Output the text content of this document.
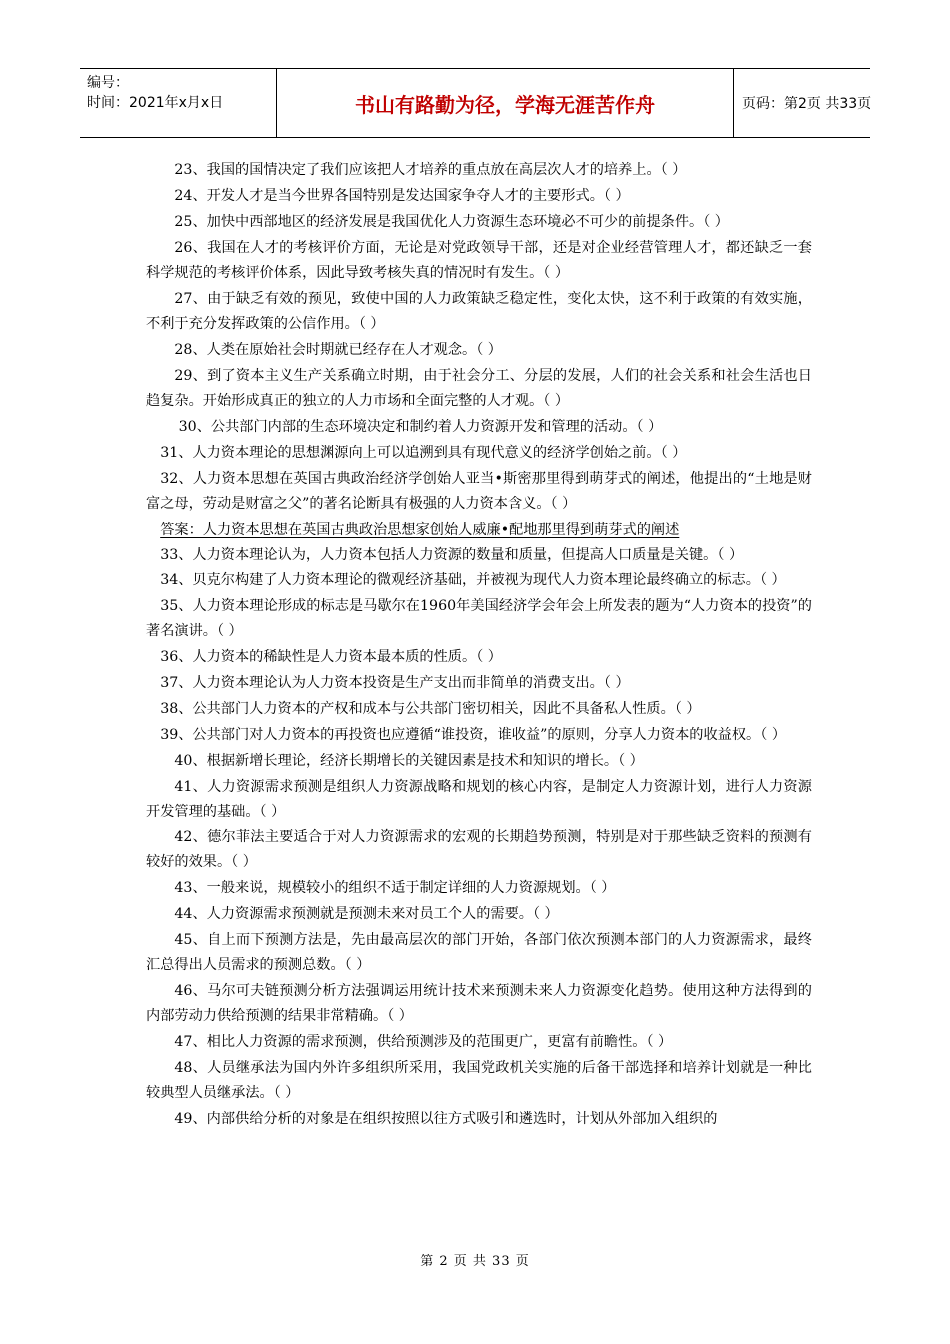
编号：
时间：2021年x月x日	书山有路勤为径，学海无涯苦作舟	页码：第2页 共33页

23、我国的国情决定了我们应该把人才培养的重点放在高层次人才的培养上。（ ）

24、开发人才是当今世界各国特别是发达国家争夺人才的主要形式。（ ）

25、加快中西部地区的经济发展是我国优化人力资源生态环境必不可少的前提条件。（ ）

26、我国在人才的考核评价方面，无论是对党政领导干部，还是对企业经营管理人才，都还缺乏一套科学规范的考核评价体系，因此导致考核失真的情况时有发生。（ ）

27、由于缺乏有效的预见，致使中国的人力政策缺乏稳定性，变化太快，这不利于政策的有效实施，不利于充分发挥政策的公信作用。（ ）

28、人类在原始社会时期就已经存在人才观念。（ ）

29、到了资本主义生产关系确立时期，由于社会分工、分层的发展，人们的社会关系和社会生活也日趋复杂。开始形成真正的独立的人力市场和全面完整的人才观。（ ）

30、公共部门内部的生态环境决定和制约着人力资源开发和管理的活动。（ ）

31、人力资本理论的思想渊源向上可以追溯到具有现代意义的经济学创始之前。（ ）

32、人力资本思想在英国古典政治经济学创始人亚当•斯密那里得到萌芽式的阐述，他提出的“土地是财富之母，劳动是财富之父”的著名论断具有极强的人力资本含义。（ ）

答案：人力资本思想在英国古典政治思想家创始人威廉•配地那里得到萌芽式的阐述

33、人力资本理论认为，人力资本包括人力资源的数量和质量，但提高人口质量是关键。（ ）

34、贝克尔构建了人力资本理论的微观经济基础，并被视为现代人力资本理论最终确立的标志。（ ）

35、人力资本理论形成的标志是马歇尔在1960年美国经济学会年会上所发表的题为“人力资本的投资”的著名演讲。（ ）

36、人力资本的稀缺性是人力资本最本质的性质。（ ）

37、人力资本理论认为人力资本投资是生产支出而非简单的消费支出。（ ）

38、公共部门人力资本的产权和成本与公共部门密切相关，因此不具备私人性质。（ ）

39、公共部门对人力资本的再投资也应遵循“谁投资，谁收益”的原则，分享人力资本的收益权。（ ）

40、根据新增长理论，经济长期增长的关键因素是技术和知识的增长。（ ）

41、人力资源需求预测是组织人力资源战略和规划的核心内容，是制定人力资源计划，进行人力资源开发管理的基础。（ ）

42、德尔菲法主要适合于对人力资源需求的宏观的长期趋势预测，特别是对于那些缺乏资料的预测有较好的效果。（ ）

43、一般来说，规模较小的组织不适于制定详细的人力资源规划。（ ）

44、人力资源需求预测就是预测未来对员工个人的需要。（ ）

45、自上而下预测方法是，先由最高层次的部门开始，各部门依次预测本部门的人力资源需求，最终汇总得出人员需求的预测总数。（ ）

46、马尔可夫链预测分析方法强调运用统计技术来预测未来人力资源变化趋势。使用这种方法得到的内部劳动力供给预测的结果非常精确。（ ）

47、相比人力资源的需求预测，供给预测涉及的范围更广，更富有前瞻性。（ ）

48、人员继承法为国内外许多组织所采用，我国党政机关实施的后备干部选择和培养计划就是一种比较典型人员继承法。（ ）

49、内部供给分析的对象是在组织按照以往方式吸引和遴选时，计划从外部加入组织的

第 2 页 共 33 页
